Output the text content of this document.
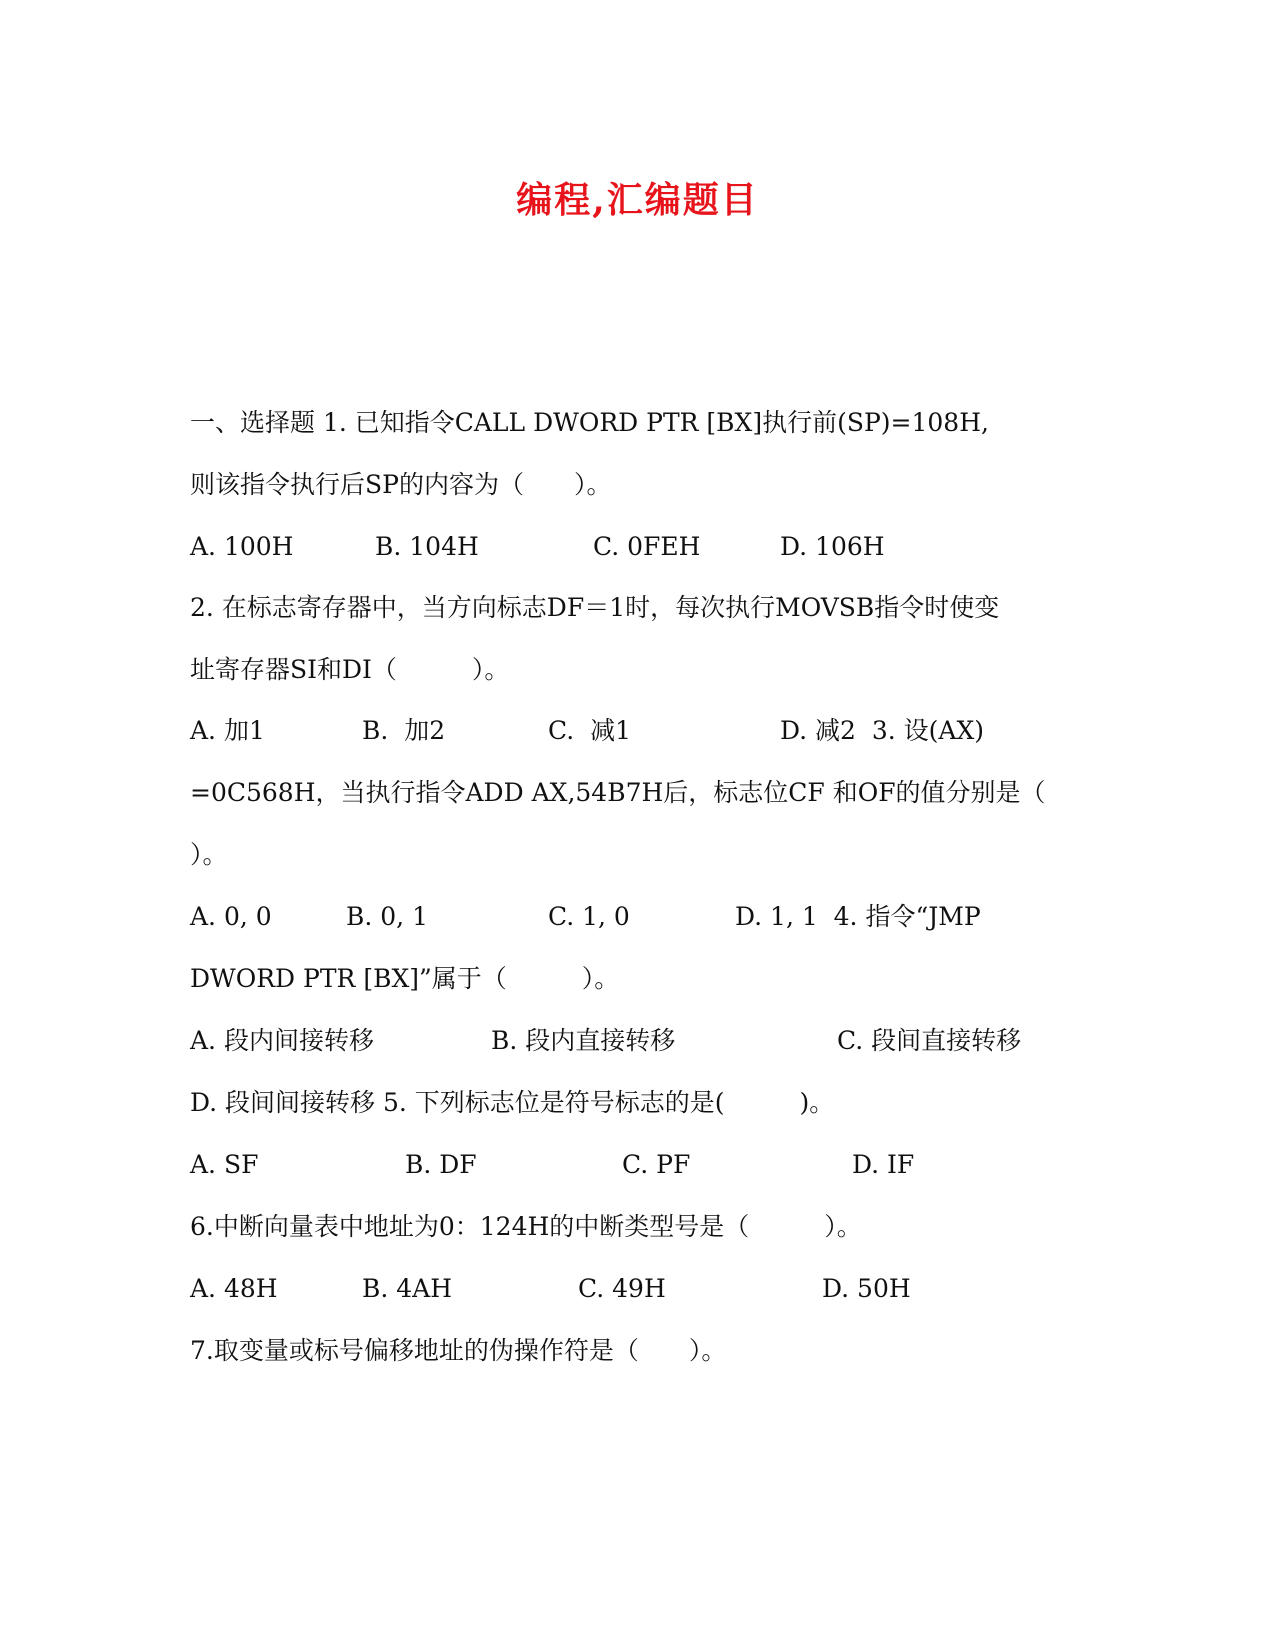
编程,汇编题目
一、选择题 1. 已知指令CALL DWORD PTR [BX]执行前(SP)=108H,
则该指令执行后SP的内容为（　　）。
A. 100H	B. 104H	C. 0FEH	D. 106H
2. 在标志寄存器中，当方向标志DF＝1时，每次执行MOVSB指令时使变
址寄存器SI和DI（　　　）。
A. 加1	B.  加2	C.  减1	D. 减2  3. 设(AX)
=0C568H，当执行指令ADD AX,54B7H后，标志位CF 和OF的值分别是（
）。
A. 0, 0	B. 0, 1	C. 1, 0	D. 1, 1  4. 指令“JMP
DWORD PTR [BX]”属于（　　　）。
A. 段内间接转移	B. 段内直接转移	C. 段间直接转移
D. 段间间接转移 5. 下列标志位是符号标志的是(　　　)。
A. SF	B. DF	C. PF	D. IF
6.中断向量表中地址为0：124H的中断类型号是（　　　）。
A. 48H	B. 4AH	C. 49H	D. 50H
7.取变量或标号偏移地址的伪操作符是（　　）。
